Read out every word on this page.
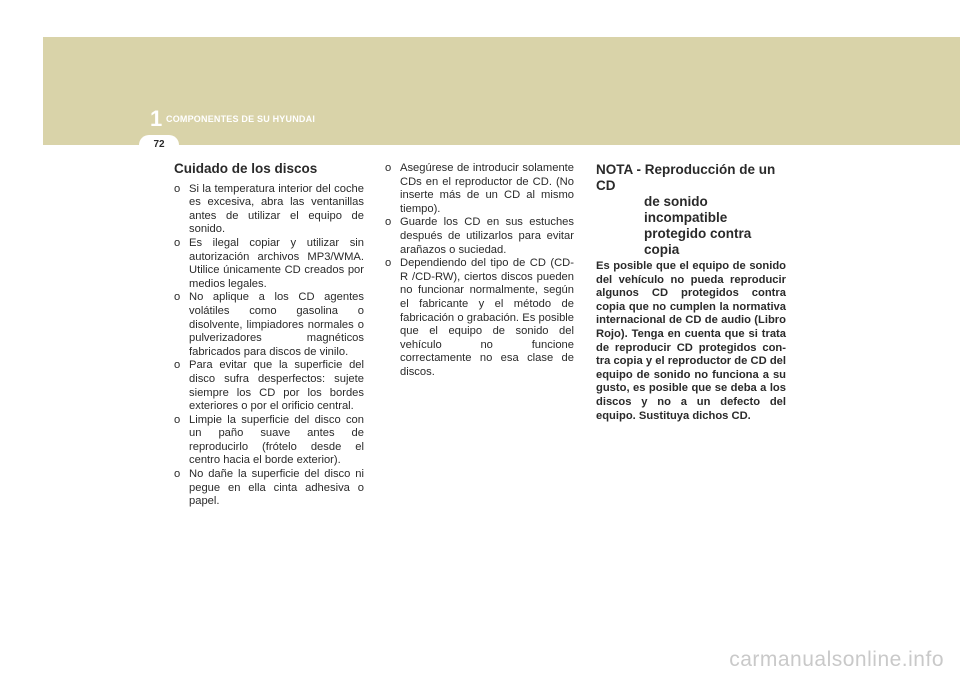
1 COMPONENTES DE SU HYUNDAI
72
Cuidado de los discos
o Si la temperatura interior del coche es excesiva, abra las ventanillas antes de utilizar el equipo de sonido.
o Es ilegal copiar y utilizar sin autorización archivos MP3/WMA. Utilice únicamente CD creados por medios legales.
o No aplique a los CD agentes volátiles como gasolina o disolvente, limpiadores normales o pulverizadores magnéticos fabricados para discos de vinilo.
o Para evitar que la superficie del disco sufra desperfectos: sujete siempre los CD por los bordes exteriores o por el orificio central.
o Limpie la superficie del disco con un paño suave antes de reproducirlo (frótelo desde el centro hacia el borde exterior).
o No dañe la superficie del disco ni pegue en ella cinta adhesiva o papel.
o Asegúrese de introducir solamente CDs en el reproductor de CD. (No inserte más de un CD al mismo tiempo).
o Guarde los CD en sus estuches después de utilizarlos para evitar arañazos o suciedad.
o Dependiendo del tipo de CD (CD-R /CD-RW), ciertos discos pueden no funcionar normalmente, según el fabricante y el método de fabricación o grabación. Es posible que el equipo de sonido del vehículo no funcione correctamente no esa clase de discos.
NOTA - Reproducción de un CD
de sonido incompatible
protegido contra copia
Es posible que el equipo de sonido del vehículo no pueda reproducir algunos CD protegidos contra copia que no cumplen la normativa internacional de CD de audio (Libro Rojo). Tenga en cuenta que si trata de reproducir CD protegidos con-tra copia y el reproductor de CD del equipo de sonido no funciona a su gusto, es posible que se deba a los discos y no a un defecto del equipo. Sustituya dichos CD.
carmanualsonline.info
